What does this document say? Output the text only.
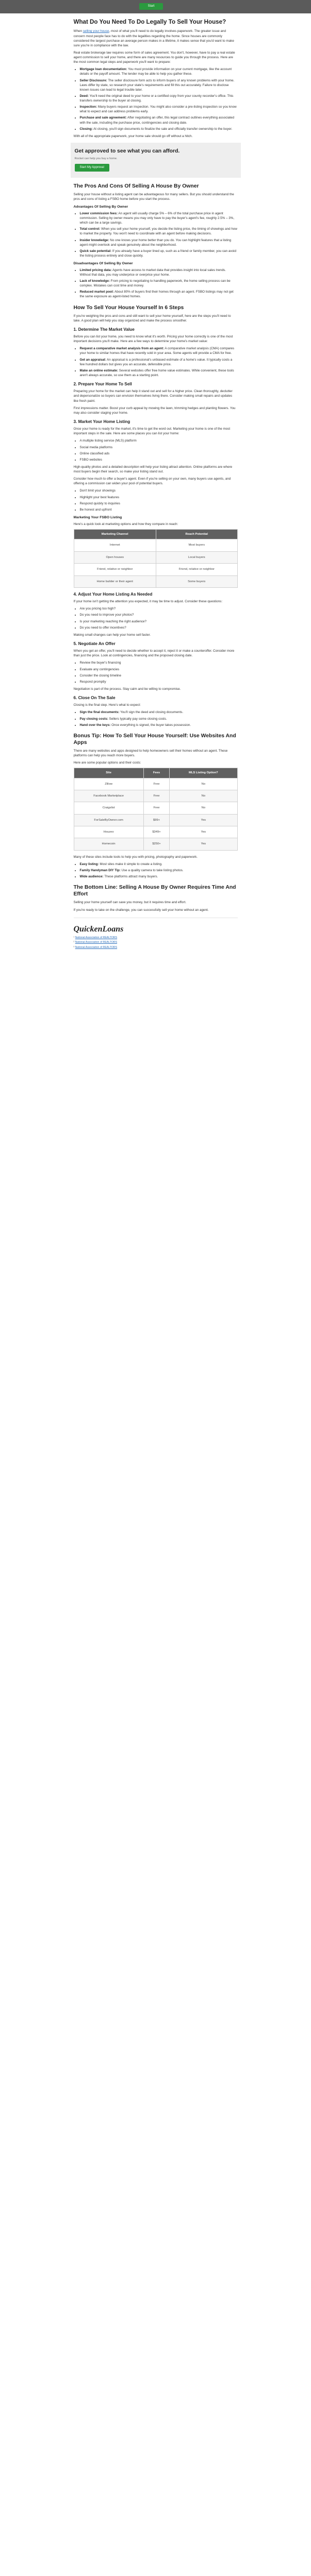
Start
What Do You Need To Do Legally To Sell Your House?

When selling your house, most of what you'll need to do legally involves paperwork. The greater issue and concern most people face has to do with the legalities regarding the home. Since houses are commonly considered the largest purchase an average person makes in a lifetime, it makes sense that you'd want to make sure you're in compliance with the law.

Real estate brokerage law requires some form of sales agreement. You don't, however, have to pay a real estate agent commission to sell your home, and there are many resources to guide you through the process. Here are the most common legal steps and paperwork you'll want to prepare:

• Mortgage loan documentation: You must provide information on your current mortgage, like the account details or the payoff amount. The lender may be able to help you gather these.
• Seller Disclosure: The seller disclosure form acts to inform buyers of any known problems with your home. Laws differ by state, so research your state's requirements and fill this out accurately. Failure to disclose known issues can lead to legal trouble later.
• Deed: You'll need the original deed to your home or a certified copy from your county recorder's office. This transfers ownership to the buyer at closing.
• Inspection: Many buyers request an inspection. You might also consider a pre-listing inspection so you know what to expect and can address problems early.
• Purchase and sale agreement: After negotiating an offer, this legal contract outlines everything associated with the sale, including the purchase price, contingencies and closing date.
• Closing: At closing, you'll sign documents to finalize the sale and officially transfer ownership to the buyer.

With all of the appropriate paperwork, your home sale should go off without a hitch.

Get approved to see what you can afford.
Rocket can help you buy a home.
Start My Approval
The Pros And Cons Of Selling A House By Owner

Selling your house without a listing agent can be advantageous for many sellers. But you should understand the pros and cons of listing a FSBO home before you start the process.

Advantages Of Selling By Owner
• Lower commission fees: An agent will usually charge 5% – 6% of the total purchase price in agent commission. Selling by owner means you may only have to pay the buyer's agent's fee, roughly 2.5% – 3%, which can be a large savings.
• Total control: When you sell your home yourself, you decide the listing price, the timing of showings and how to market the property. You won't need to coordinate with an agent before making decisions.
• Insider knowledge: No one knows your home better than you do. You can highlight features that a listing agent might overlook and speak genuinely about the neighborhood.
• Quick sale potential: If you already have a buyer lined up, such as a friend or family member, you can avoid the listing process entirely and close quickly.
Disadvantages Of Selling By Owner
• Limited pricing data: Agents have access to market data that provides insight into local sales trends. Without that data, you may underprice or overprice your home.
• Lack of knowledge: From pricing to negotiating to handling paperwork, the home selling process can be complex. Mistakes can cost time and money.
• Reduced market pool: About 80% of buyers find their homes through an agent. FSBO listings may not get the same exposure as agent-listed homes.
How To Sell Your House Yourself In 6 Steps

If you're weighing the pros and cons and still want to sell your home yourself, here are the steps you'll need to take. A good plan will help you stay organized and make the process smoother.

1. Determine The Market Value

Before you can list your home, you need to know what it's worth. Pricing your home correctly is one of the most important decisions you'll make. Here are a few ways to determine your home's market value:

• Request a comparative market analysis from an agent: A comparative market analysis (CMA) compares your home to similar homes that have recently sold in your area. Some agents will provide a CMA for free.
• Get an appraisal: An appraisal is a professional's unbiased estimate of a home's value. It typically costs a few hundred dollars but gives you an accurate, defensible price.
• Make an online estimate: Several websites offer free home value estimates. While convenient, these tools aren't always accurate, so use them as a starting point.
2. Prepare Your Home To Sell

Preparing your home for the market can help it stand out and sell for a higher price. Clean thoroughly, declutter and depersonalize so buyers can envision themselves living there. Consider making small repairs and updates like fresh paint.

First impressions matter. Boost your curb appeal by mowing the lawn, trimming hedges and planting flowers. You may also consider staging your home.

3. Market Your Home Listing

Once your home is ready for the market, it's time to get the word out. Marketing your home is one of the most important steps in the sale. Here are some places you can list your home:

• A multiple listing service (MLS) platform
• Social media platforms
• Online classified ads
• FSBO websites

High-quality photos and a detailed description will help your listing attract attention. Online platforms are where most buyers begin their search, so make your listing stand out.

Consider how much to offer a buyer's agent. Even if you're selling on your own, many buyers use agents, and offering a commission can widen your pool of potential buyers.

• Don't limit your showings
• Highlight your best features
• Respond quickly to inquiries
• Be honest and upfront
Marketing Your FSBO Listing

Here's a quick look at marketing options and how they compare in reach:

Marketing Channel	Reach Potential
Internet	Most buyers
Open houses	Local buyers
Friend, relative or neighbor	Friend, relative or neighbor
Home builder or their agent	Some buyers
4. Adjust Your Home Listing As Needed

If your home isn't getting the attention you expected, it may be time to adjust. Consider these questions:

• Are you pricing too high?
• Do you need to improve your photos?
• Is your marketing reaching the right audience?
• Do you need to offer incentives?

Making small changes can help your home sell faster.

5. Negotiate An Offer

When you get an offer, you'll need to decide whether to accept it, reject it or make a counteroffer. Consider more than just the price. Look at contingencies, financing and the proposed closing date.

• Review the buyer's financing
• Evaluate any contingencies
• Consider the closing timeline
• Respond promptly

Negotiation is part of the process. Stay calm and be willing to compromise.

6. Close On The Sale

Closing is the final step. Here's what to expect:

• Sign the final documents: You'll sign the deed and closing documents.
• Pay closing costs: Sellers typically pay some closing costs.
• Hand over the keys: Once everything is signed, the buyer takes possession.
Bonus Tip: How To Sell Your House Yourself: Use Websites And Apps

There are many websites and apps designed to help homeowners sell their homes without an agent. These platforms can help you reach more buyers.

Here are some popular options and their costs:

Site	Fees	MLS Listing Option?
Zillow	Free	No
Facebook Marketplace	Free	No
Craigslist	Free	No
ForSaleByOwner.com	$99+	Yes
Houzeo	$349+	Yes
Homecoin	$250+	Yes

Many of these sites include tools to help you with pricing, photography and paperwork.

• Easy listing: Most sites make it simple to create a listing.
• Family Handyman DIY Tip: Use a quality camera to take listing photos.
• Wide audience: These platforms attract many buyers.
The Bottom Line: Selling A House By Owner Requires Time And Effort

Selling your home yourself can save you money, but it requires time and effort.

If you're ready to take on the challenge, you can successfully sell your home without an agent.

QuickenLoans
¹ National Association of REALTORS
² National Association of REALTORS
³ National Association of REALTORS
